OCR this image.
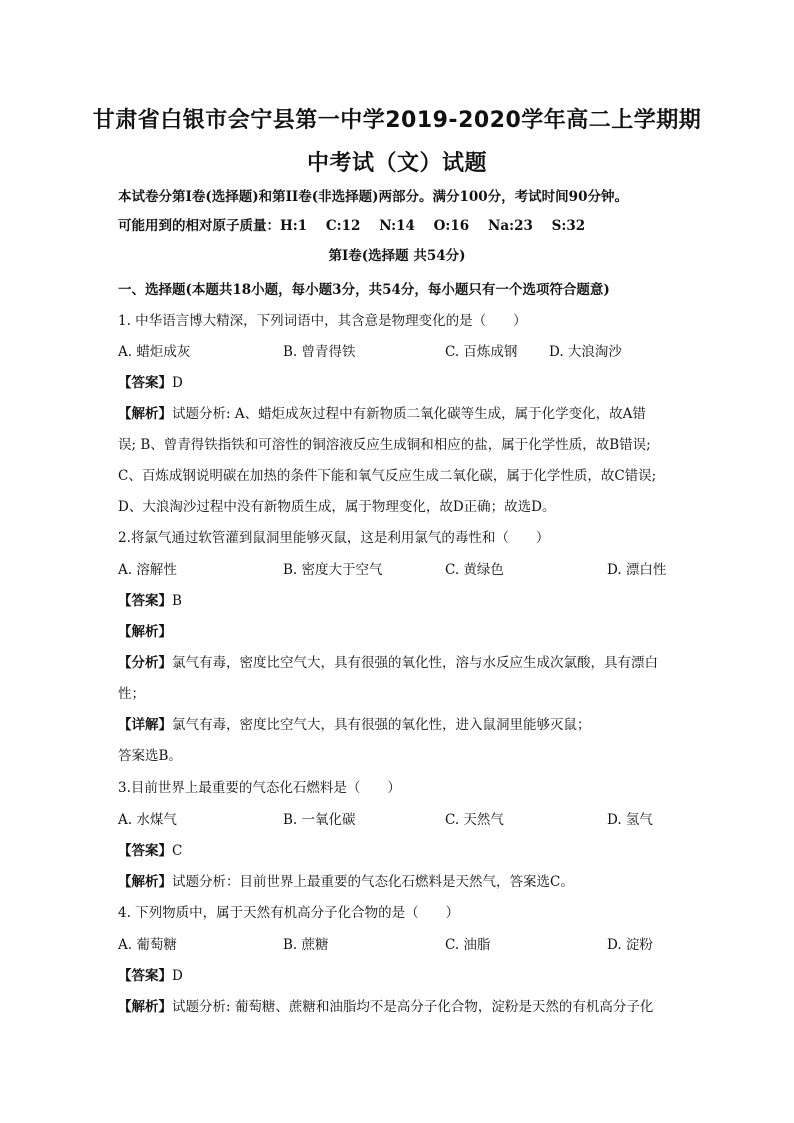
甘肃省白银市会宁县第一中学2019-2020学年高二上学期期
中考试（文）试题
本试卷分第I卷(选择题)和第II卷(非选择题)两部分。满分100分，考试时间90分钟。
可能用到的相对原子质量：H:1    C:12    N:14    O:16    Na:23    S:32
第I卷(选择题 共54分)
一、选择题(本题共18小题，每小题3分，共54分，每小题只有一个选项符合题意)
1. 中华语言博大精深，下列词语中，其含意是物理变化的是（　　）
A. 蜡炬成灰	B. 曾青得铁	C. 百炼成钢 D. 大浪淘沙
【答案】D
【解析】试题分析: A、蜡炬成灰过程中有新物质二氧化碳等生成，属于化学变化，故A错
误; B、曾青得铁指铁和可溶性的铜溶液反应生成铜和相应的盐，属于化学性质，故B错误;
C、百炼成钢说明碳在加热的条件下能和氧气反应生成二氧化碳，属于化学性质，故C错误;
D、大浪淘沙过程中没有新物质生成，属于物理变化，故D正确；故选D。
2.将氯气通过软管灌到鼠洞里能够灭鼠，这是利用氯气的毒性和（　　）
A. 溶解性	B. 密度大于空气	C. 黄绿色	D. 漂白性
【答案】B
【解析】
【分析】氯气有毒，密度比空气大，具有很强的氧化性，溶与水反应生成次氯酸，具有漂白
性；
【详解】氯气有毒，密度比空气大，具有很强的氧化性，进入鼠洞里能够灭鼠；
答案选B。
3.目前世界上最重要的气态化石燃料是（　　）
A. 水煤气	B. 一氧化碳	C. 天然气	D. 氢气
【答案】C
【解析】试题分析：目前世界上最重要的气态化石燃料是天然气，答案选C。
4. 下列物质中，属于天然有机高分子化合物的是（　　）
A. 葡萄糖	B. 蔗糖	C. 油脂	D. 淀粉
【答案】D
【解析】试题分析: 葡萄糖、蔗糖和油脂均不是高分子化合物，淀粉是天然的有机高分子化
